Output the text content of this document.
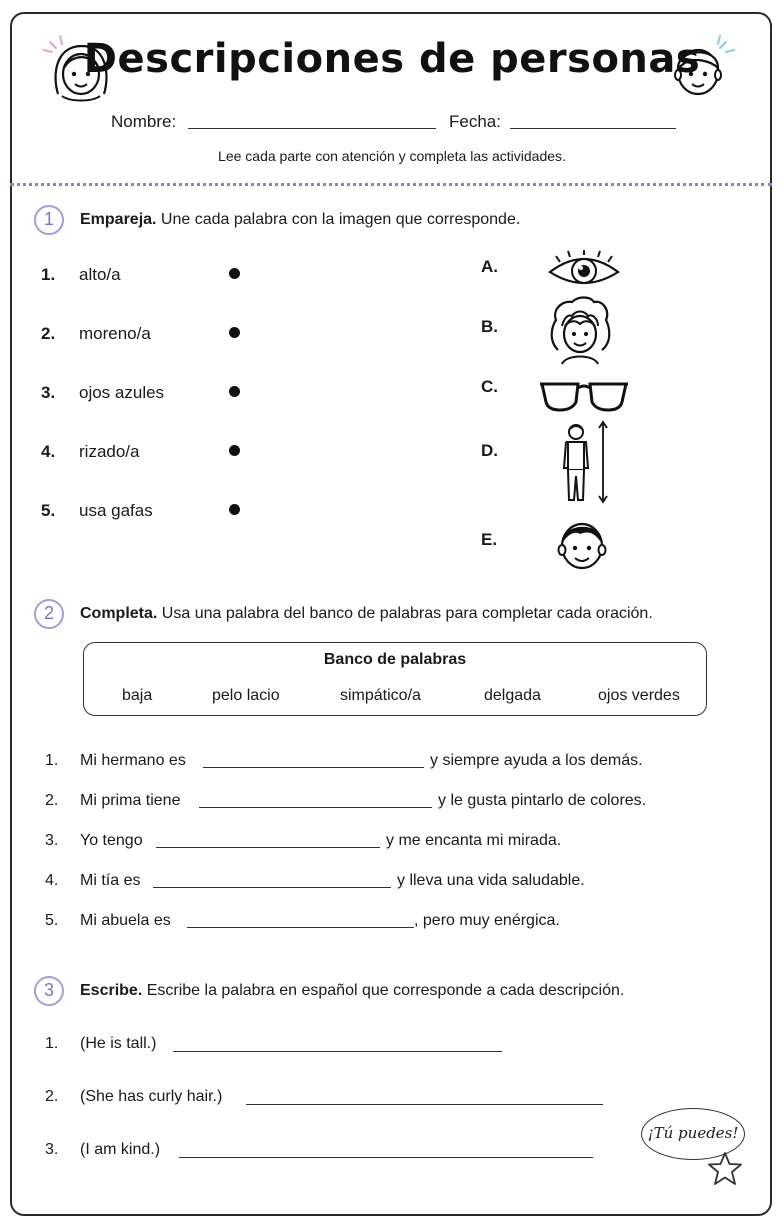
Descripciones de personas
Nombre:	Fecha:
Lee cada parte con atención y completa las actividades.
1	Empareja. Une cada palabra con la imagen que corresponde.
1. alto/a
2. moreno/a
3. ojos azules
4. rizado/a
5. usa gafas
A.
B.
C.
D.
E.
2	Completa. Usa una palabra del banco de palabras para completar cada oración.
Banco de palabras
baja	pelo lacio	simpático/a	delgada	ojos verdes
1. Mi hermano es	y siempre ayuda a los demás.
2. Mi prima tiene	y le gusta pintarlo de colores.
3. Yo tengo	y me encanta mi mirada.
4. Mi tía es	y lleva una vida saludable.
5. Mi abuela es	, pero muy enérgica.
3	Escribe. Escribe la palabra en español que corresponde a cada descripción.
1. (He is tall.)
2. (She has curly hair.)
3. (I am kind.)
¡Tú puedes!
